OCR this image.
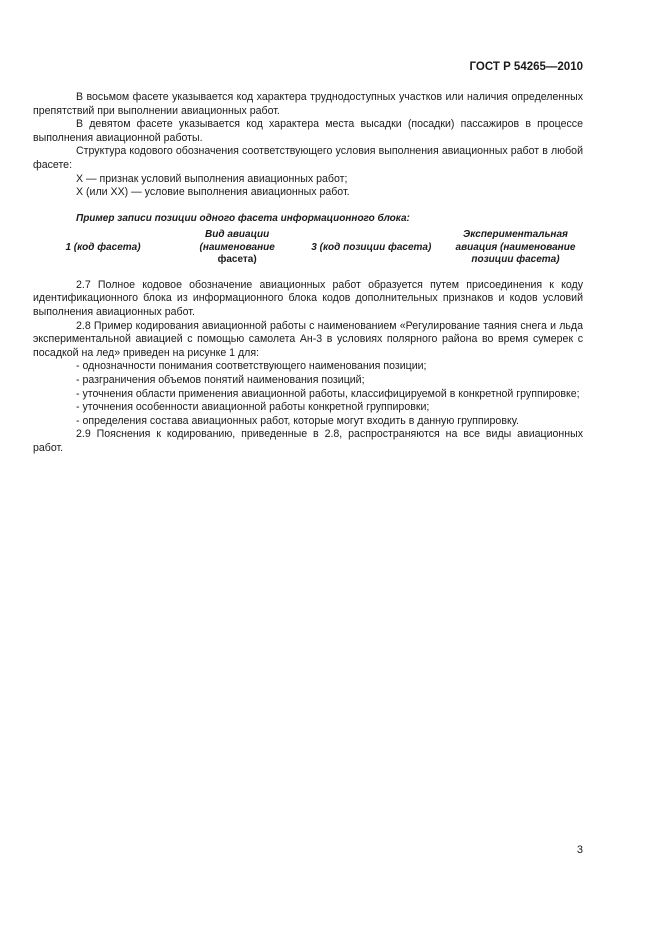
ГОСТ Р 54265—2010

В восьмом фасете указывается код характера труднодоступных участков или наличия определенных препятствий при выполнении авиационных работ.

В девятом фасете указывается код характера места высадки (посадки) пассажиров в процессе выполнения авиационной работы.

Структура кодового обозначения соответствующего условия выполнения авиационных работ в любой фасете:

Х — признак условий выполнения авиационных работ;

Х (или ХХ) — условие выполнения авиационных работ.

Пример записи позиции одного фасета информационного блока:

1 (код фасета)
Вид авиации
(наименование фасета)
3 (код позиции фасета)
Экспериментальная
авиация (наименование
позиции фасета)

2.7 Полное кодовое обозначение авиационных работ образуется путем присоединения к коду идентификационного блока из информационного блока кодов дополнительных признаков и кодов условий выполнения авиационных работ.

2.8 Пример кодирования авиационной работы с наименованием «Регулирование таяния снега и льда экспериментальной авиацией с помощью самолета Ан-3 в условиях полярного района во время сумерек с посадкой на лед» приведен на рисунке 1 для:

- однозначности понимания соответствующего наименования позиции;

- разграничения объемов понятий наименования позиций;

- уточнения области применения авиационной работы, классифицируемой в конкретной группировке;

- уточнения особенности авиационной работы конкретной группировки;

- определения состава авиационных работ, которые могут входить в данную группировку.

2.9 Пояснения к кодированию, приведенные в 2.8, распространяются на все виды авиационных работ.

3
